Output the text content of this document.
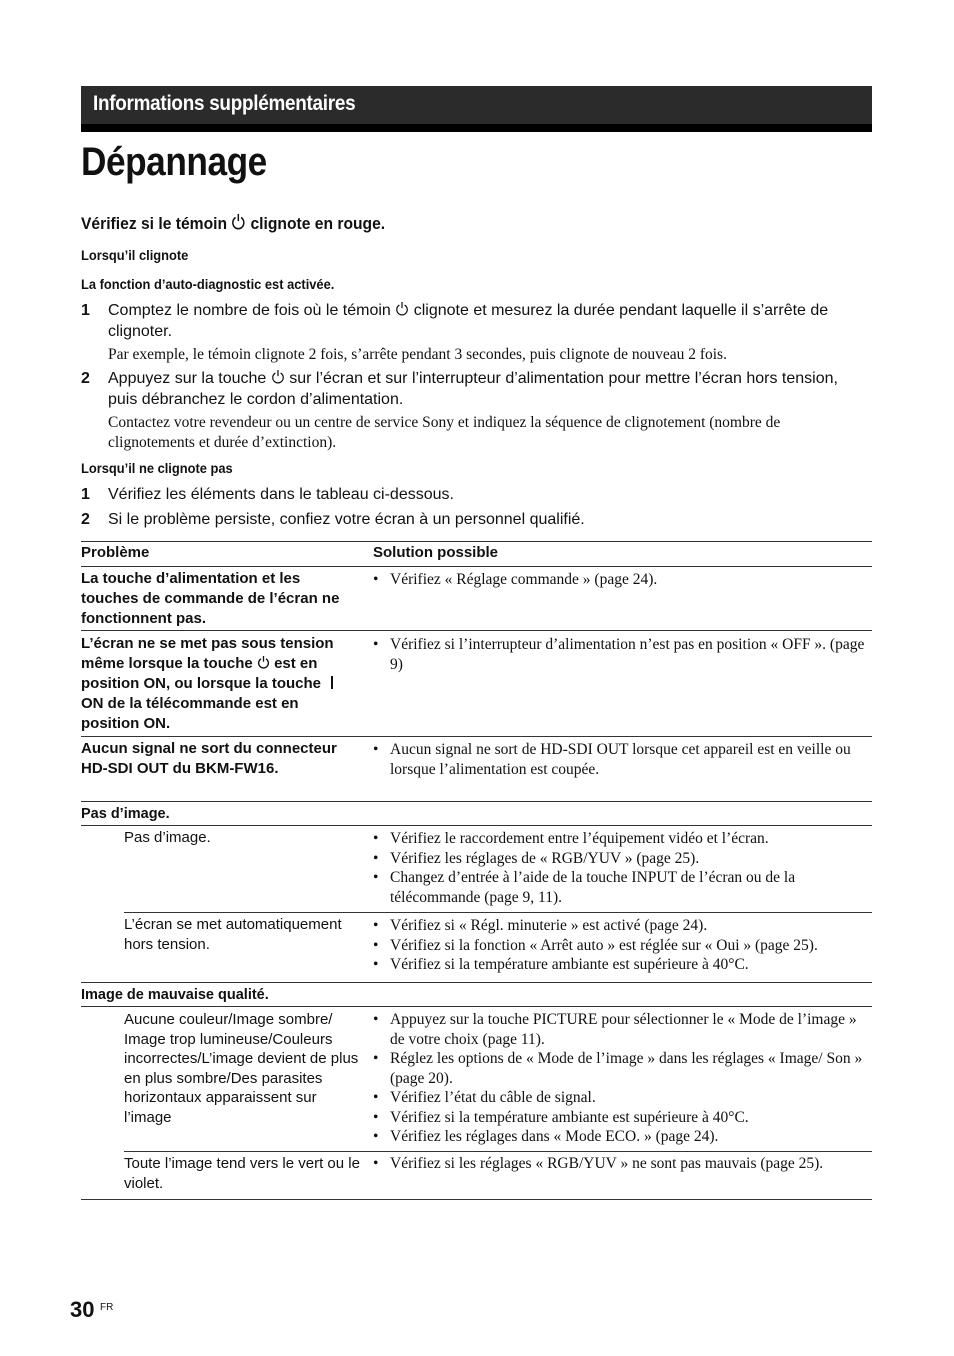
Informations supplémentaires
Dépannage
Vérifiez si le témoin clignote en rouge.
Lorsqu’il clignote
La fonction d’auto-diagnostic est activée.
1 Comptez le nombre de fois où le témoin clignote et mesurez la durée pendant laquelle il s’arrête de clignoter.
Par exemple, le témoin clignote 2 fois, s’arrête pendant 3 secondes, puis clignote de nouveau 2 fois.
2 Appuyez sur la touche sur l’écran et sur l’interrupteur d’alimentation pour mettre l’écran hors tension, puis débranchez le cordon d’alimentation.
Contactez votre revendeur ou un centre de service Sony et indiquez la séquence de clignotement (nombre de clignotements et durée d’extinction).
Lorsqu’il ne clignote pas
1 Vérifiez les éléments dans le tableau ci-dessous.
2 Si le problème persiste, confiez votre écran à un personnel qualifié.
Problème	Solution possible
La touche d’alimentation et les touches de commande de l’écran ne fonctionnent pas.
• Vérifiez « Réglage commande » (page 24).
L’écran ne se met pas sous tension même lorsque la touche est en position ON, ou lorsque la touche  ON de la télécommande est en position ON.
• Vérifiez si l’interrupteur d’alimentation n’est pas en position « OFF ». (page 9)
Aucun signal ne sort du connecteur HD-SDI OUT du BKM-FW16.
• Aucun signal ne sort de HD-SDI OUT lorsque cet appareil est en veille ou lorsque l’alimentation est coupée.
Pas d’image.
Pas d’image.
•	Vérifiez le raccordement entre l’équipement vidéo et l’écran.
• Vérifiez les réglages de « RGB/YUV » (page 25).
• Changez d’entrée à l’aide de la touche INPUT de l’écran ou de la télécommande (page 9, 11).
L’écran se met automatiquement hors tension.
• Vérifiez si « Régl. minuterie » est activé (page 24).
• Vérifiez si la fonction « Arrêt auto » est réglée sur « Oui » (page 25).
• Vérifiez si la température ambiante est supérieure à 40°C.
Image de mauvaise qualité.
Aucune couleur/Image sombre/ Image trop lumineuse/Couleurs incorrectes/L’image devient de plus en plus sombre/Des parasites horizontaux apparaissent sur l’image
• Appuyez sur la touche PICTURE pour sélectionner le « Mode de l’image » de votre choix (page 11).
• Réglez les options de « Mode de l’image » dans les réglages « Image/ Son » (page 20).
• Vérifiez l’état du câble de signal.
• Vérifiez si la température ambiante est supérieure à 40°C.
• Vérifiez les réglages dans « Mode ECO. » (page 24).
Toute l’image tend vers le vert ou le violet.
• Vérifiez si les réglages « RGB/YUV » ne sont pas mauvais (page 25).
30 FR
